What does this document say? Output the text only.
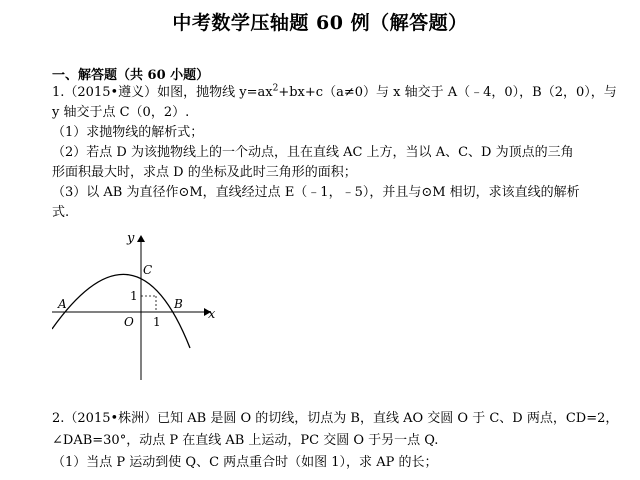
中考数学压轴题 60 例（解答题）
一、解答题（共 60 小题）
1.（2015•遵义）如图，抛物线 $y=ax^2+bx+c(a\ne 0)$与 x 轴交于 A（﹣4，0），B（2，0），与
y 轴交于点 C（0，2）.
（1）求抛物线的解析式；
（2）若点 D 为该抛物线上的一个动点，且在直线 AC 上方，当以 A、C、D 为顶点的三角
形面积最大时，求点 D 的坐标及此时三角形的面积；
（3）以 AB 为直径作⊙M，直线经过点 E（﹣1，﹣5），并且与⊙M 相切，求该直线的解析
式.
y
x
A	B
C
O
1
1
2.（2015•株洲）已知 AB 是圆 O 的切线，切点为 B，直线 AO 交圆 O 于 C、D 两点，CD=2，
∠DAB=30°，动点 P 在直线 AB 上运动，PC 交圆 O 于另一点 Q.
（1）当点 P 运动到使 Q、C 两点重合时（如图 1），求 AP 的长；
